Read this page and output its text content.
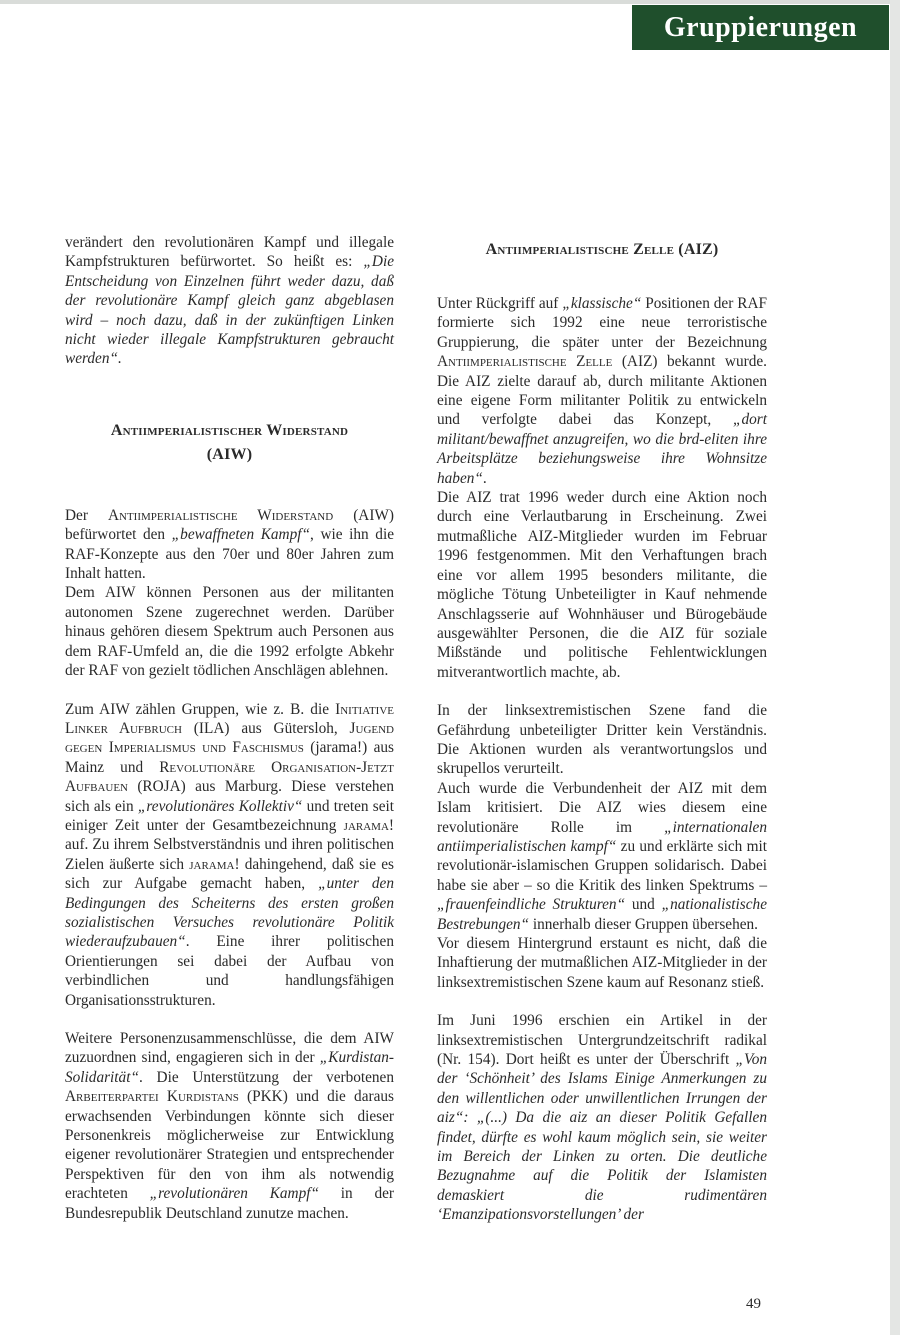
Gruppierungen

verändert den revolutionären Kampf und illegale Kampfstrukturen befürwortet. So heißt es: „Die Entscheidung von Einzelnen führt weder dazu, daß der revolutionäre Kampf gleich ganz abgeblasen wird – noch dazu, daß in der zukünftigen Linken nicht wieder illegale Kampfstrukturen gebraucht werden“.

Antiimperialistischer Widerstand
(AIW)

Der Antiimperialistische Widerstand (AIW) befürwortet den „bewaffneten Kampf“, wie ihn die RAF-Konzepte aus den 70er und 80er Jahren zum Inhalt hatten.

Dem AIW können Personen aus der militanten autonomen Szene zugerechnet werden. Darüber hinaus gehören diesem Spektrum auch Personen aus dem RAF-Umfeld an, die die 1992 erfolgte Abkehr der RAF von gezielt tödlichen Anschlägen ablehnen.

Zum AIW zählen Gruppen, wie z. B. die Initiative Linker Aufbruch (ILA) aus Gütersloh, Jugend gegen Imperialismus und Faschismus (jarama!) aus Mainz und Revolutionäre Organisation-Jetzt Aufbauen (ROJA) aus Marburg. Diese verstehen sich als ein „revolutionäres Kollektiv“ und treten seit einiger Zeit unter der Gesamtbezeichnung jarama! auf. Zu ihrem Selbstverständnis und ihren politischen Zielen äußerte sich jarama! dahingehend, daß sie es sich zur Aufgabe gemacht haben, „unter den Bedingungen des Scheiterns des ersten großen sozialistischen Versuches revolutionäre Politik wiederaufzubauen“. Eine ihrer politischen Orientierungen sei dabei der Aufbau von verbindlichen und handlungsfähigen Organisationsstrukturen.

Weitere Personenzusammenschlüsse, die dem AIW zuzuordnen sind, engagieren sich in der „Kurdistan-Solidarität“. Die Unterstützung der verbotenen Arbeiterpartei Kurdistans (PKK) und die daraus erwachsenden Verbindungen könnte sich dieser Personenkreis möglicherweise zur Entwicklung eigener revolutionärer Strategien und entsprechender Perspektiven für den von ihm als notwendig erachteten „revolutionären Kampf“ in der Bundesrepublik Deutschland zunutze machen.

Antiimperialistische Zelle (AIZ)

Unter Rückgriff auf „klassische“ Positionen der RAF formierte sich 1992 eine neue terroristische Gruppierung, die später unter der Bezeichnung Antiimperialistische Zelle (AIZ) bekannt wurde. Die AIZ zielte darauf ab, durch militante Aktionen eine eigene Form militanter Politik zu entwickeln und verfolgte dabei das Konzept, „dort militant/bewaffnet anzugreifen, wo die brd-eliten ihre Arbeitsplätze beziehungsweise ihre Wohnsitze haben“.

Die AIZ trat 1996 weder durch eine Aktion noch durch eine Verlautbarung in Erscheinung. Zwei mutmaßliche AIZ-Mitglieder wurden im Februar 1996 festgenommen. Mit den Verhaftungen brach eine vor allem 1995 besonders militante, die mögliche Tötung Unbeteiligter in Kauf nehmende Anschlagsserie auf Wohnhäuser und Bürogebäude ausgewählter Personen, die die AIZ für soziale Mißstände und politische Fehlentwicklungen mitverantwortlich machte, ab.

In der linksextremistischen Szene fand die Gefährdung unbeteiligter Dritter kein Verständnis. Die Aktionen wurden als verantwortungslos und skrupellos verurteilt.

Auch wurde die Verbundenheit der AIZ mit dem Islam kritisiert. Die AIZ wies diesem eine revolutionäre Rolle im „internationalen antiimperialistischen kampf“ zu und erklärte sich mit revolutionär-islamischen Gruppen solidarisch. Dabei habe sie aber – so die Kritik des linken Spektrums – „frauenfeindliche Strukturen“ und „nationalistische Bestrebungen“ innerhalb dieser Gruppen übersehen.

Vor diesem Hintergrund erstaunt es nicht, daß die Inhaftierung der mutmaßlichen AIZ-Mitglieder in der linksextremistischen Szene kaum auf Resonanz stieß.

Im Juni 1996 erschien ein Artikel in der linksextremistischen Untergrundzeitschrift radikal (Nr. 154). Dort heißt es unter der Überschrift „Von der ‘Schönheit’ des Islams Einige Anmerkungen zu den willentlichen oder unwillentlichen Irrungen der aiz“: „(...) Da die aiz an dieser Politik Gefallen findet, dürfte es wohl kaum möglich sein, sie weiter im Bereich der Linken zu orten. Die deutliche Bezugnahme auf die Politik der Islamisten demaskiert die rudimentären ‘Emanzipationsvorstellungen’ der

49
